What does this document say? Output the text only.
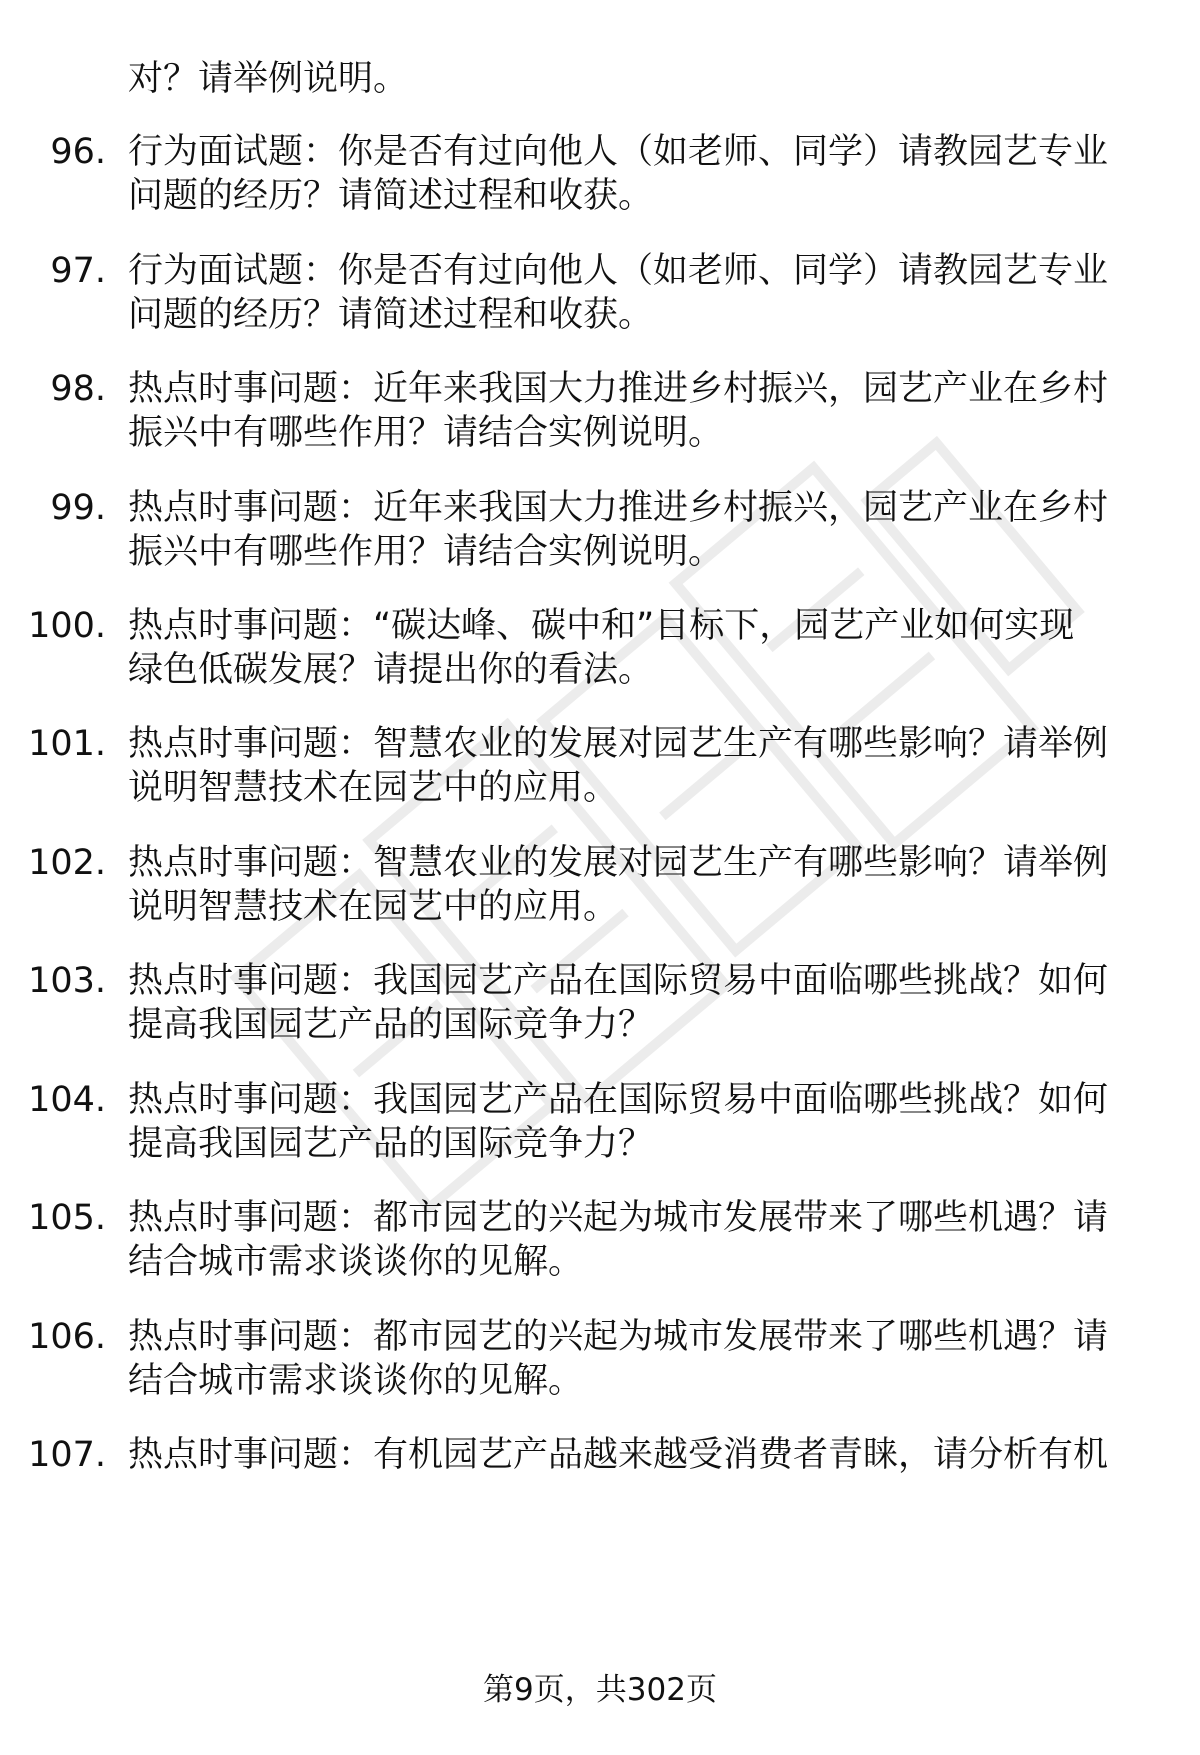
对？请举例说明。
96. 行为面试题：你是否有过向他人（如老师、同学）请教园艺专业
问题的经历？请简述过程和收获。
97. 行为面试题：你是否有过向他人（如老师、同学）请教园艺专业
问题的经历？请简述过程和收获。
98. 热点时事问题：近年来我国大力推进乡村振兴，园艺产业在乡村
振兴中有哪些作用？请结合实例说明。
99. 热点时事问题：近年来我国大力推进乡村振兴，园艺产业在乡村
振兴中有哪些作用？请结合实例说明。
100. 热点时事问题：“碳达峰、碳中和”目标下，园艺产业如何实现
绿色低碳发展？请提出你的看法。
101. 热点时事问题：智慧农业的发展对园艺生产有哪些影响？请举例
说明智慧技术在园艺中的应用。
102. 热点时事问题：智慧农业的发展对园艺生产有哪些影响？请举例
说明智慧技术在园艺中的应用。
103. 热点时事问题：我国园艺产品在国际贸易中面临哪些挑战？如何
提高我国园艺产品的国际竞争力？
104. 热点时事问题：我国园艺产品在国际贸易中面临哪些挑战？如何
提高我国园艺产品的国际竞争力？
105. 热点时事问题：都市园艺的兴起为城市发展带来了哪些机遇？请
结合城市需求谈谈你的见解。
106. 热点时事问题：都市园艺的兴起为城市发展带来了哪些机遇？请
结合城市需求谈谈你的见解。
107. 热点时事问题：有机园艺产品越来越受消费者青睐，请分析有机
第9页，共302页
